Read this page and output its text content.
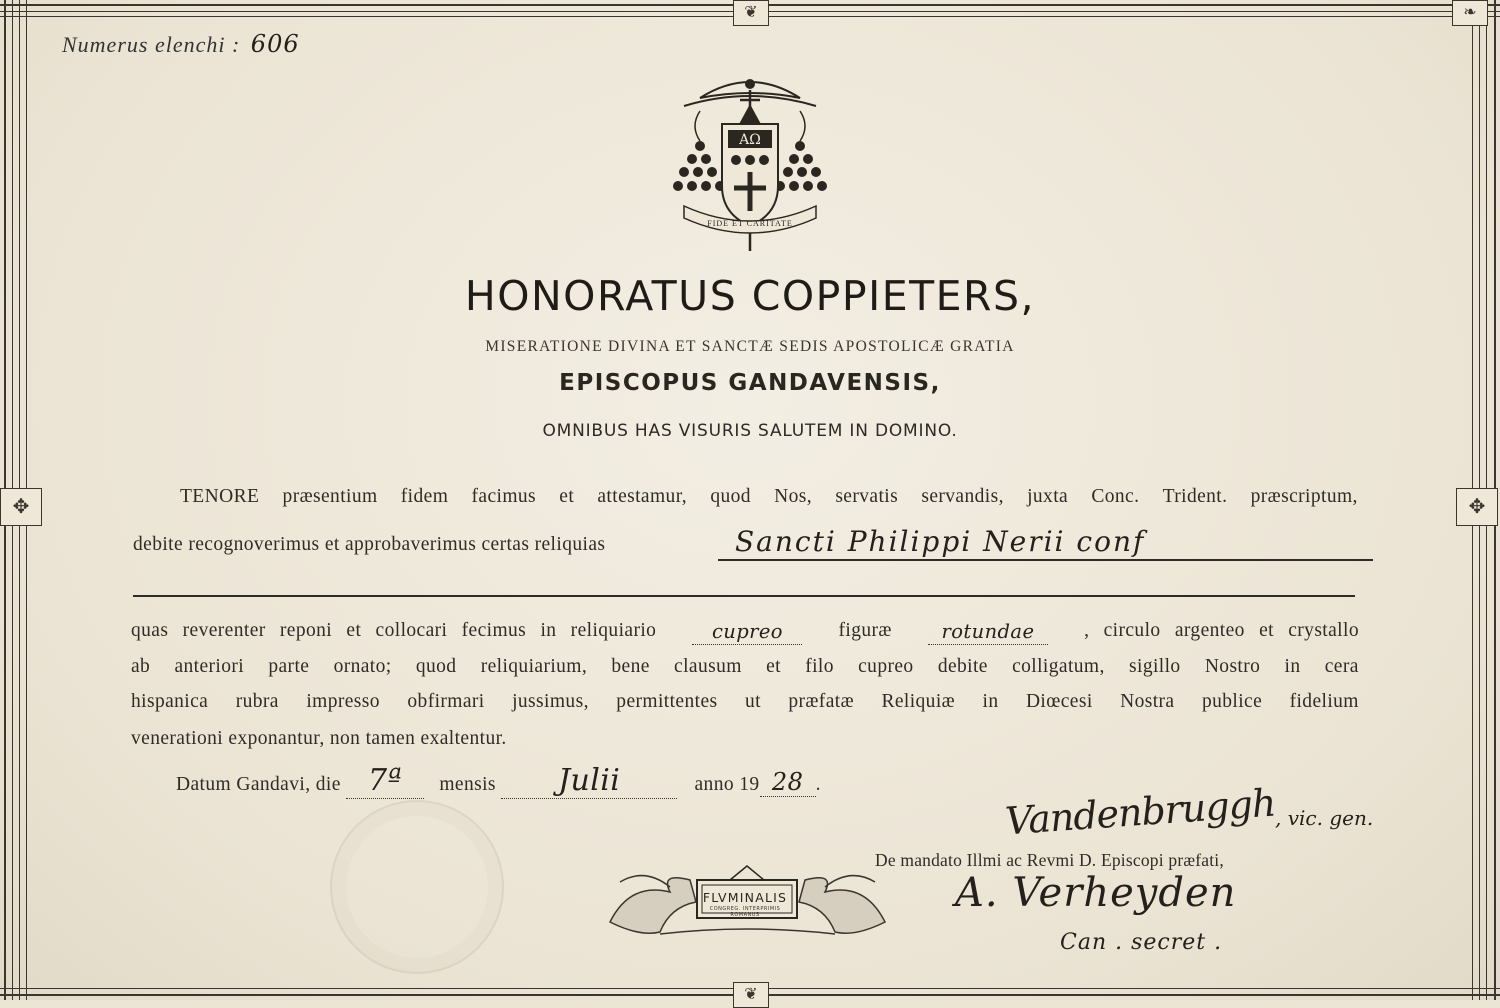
❦	❧
✥	✥
❦
Numerus elenchi : 606
AΩ
FIDE ET CARITATE
HONORATUS COPPIETERS,
MISERATIONE DIVINA ET SANCTÆ SEDIS APOSTOLICÆ GRATIA
EPISCOPUS GANDAVENSIS,
OMNIBUS HAS VISURIS SALUTEM IN DOMINO.
TENORE præsentium fidem facimus et attestamur, quod Nos, servatis servandis, juxta Conc. Trident. præscriptum,
debite recognoverimus et approbaverimus certas reliquias	Sancti Philippi Nerii conf
quas reverenter reponi et collocari fecimus in reliquiario	cupreo	figuræ	rotundae	, circulo argenteo et crystallo
ab anteriori parte ornato; quod reliquiarium, bene clausum et filo cupreo debite colligatum, sigillo Nostro in cera
hispanica rubra impresso obfirmari jussimus, permittentes ut præfatæ Reliquiæ in Diœcesi Nostra publice fidelium
venerationi exponantur, non tamen exaltentur.
Datum Gandavi, die 7ª mensis Julii	anno 19 28 .	Vandenbruggh
, vic. gen.
De mandato Illmi ac Revmi D. Episcopi præfati,
A. Verheyden
Can . secret .
FLVMINALIS
CONGREG. INTERPRIMIS ROMANUS
